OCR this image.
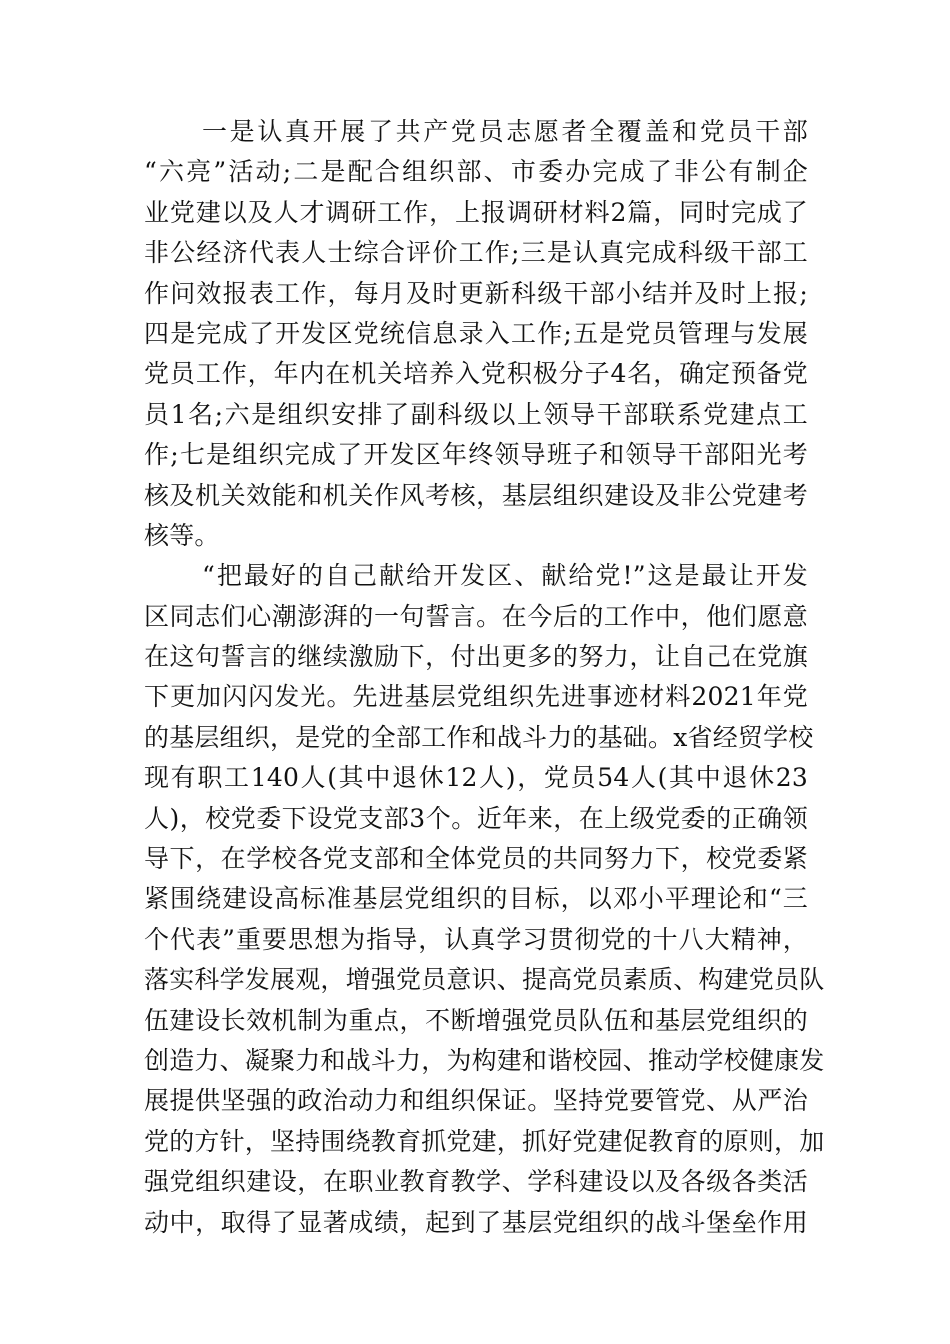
一是认真开展了共产党员志愿者全覆盖和党员干部
“六亮”活动;二是配合组织部、市委办完成了非公有制企
业党建以及人才调研工作，上报调研材料2篇，同时完成了
非公经济代表人士综合评价工作;三是认真完成科级干部工
作问效报表工作，每月及时更新科级干部小结并及时上报;
四是完成了开发区党统信息录入工作;五是党员管理与发展
党员工作，年内在机关培养入党积极分子4名，确定预备党
员1名;六是组织安排了副科级以上领导干部联系党建点工
作;七是组织完成了开发区年终领导班子和领导干部阳光考
核及机关效能和机关作风考核，基层组织建设及非公党建考
核等。
“把最好的自己献给开发区、献给党!”这是最让开发
区同志们心潮澎湃的一句誓言。在今后的工作中，他们愿意
在这句誓言的继续激励下，付出更多的努力，让自己在党旗
下更加闪闪发光。先进基层党组织先进事迹材料2021年党
的基层组织，是党的全部工作和战斗力的基础。x省经贸学校
现有职工140人(其中退休12人)，党员54人(其中退休23
人)，校党委下设党支部3个。近年来，在上级党委的正确领
导下，在学校各党支部和全体党员的共同努力下，校党委紧
紧围绕建设高标准基层党组织的目标，以邓小平理论和“三
个代表”重要思想为指导，认真学习贯彻党的十八大精神，
落实科学发展观，增强党员意识、提高党员素质、构建党员队
伍建设长效机制为重点，不断增强党员队伍和基层党组织的
创造力、凝聚力和战斗力，为构建和谐校园、推动学校健康发
展提供坚强的政治动力和组织保证。坚持党要管党、从严治
党的方针，坚持围绕教育抓党建，抓好党建促教育的原则，加
强党组织建设，在职业教育教学、学科建设以及各级各类活
动中，取得了显著成绩，起到了基层党组织的战斗堡垒作用
